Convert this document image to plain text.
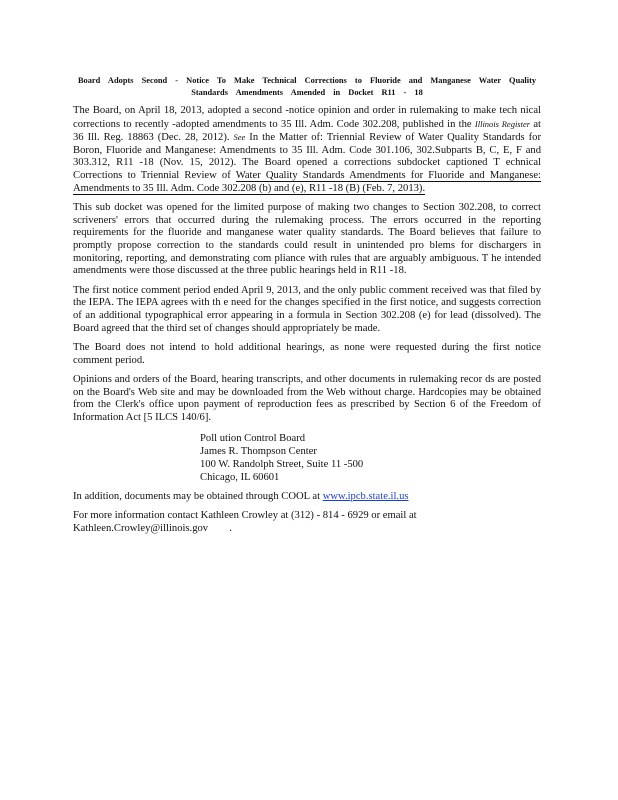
Board Adopts Second - Notice To Make Technical Corrections to Fluoride and Manganese Water Quality Standards Amendments Amended in Docket R11 - 18

The Board, on April 18, 2013, adopted a second -notice opinion and order in rulemaking to make tech nical corrections to recently -adopted amendments to 35 Ill. Adm. Code 302.208, published in the Illinois Register at 36 Ill. Reg. 18863 (Dec. 28, 2012). See In the Matter of: Triennial Review of Water Quality Standards for Boron, Fluoride and Manganese: Amendments to 35 Ill. Adm. Code 301.106, 302.Subparts B, C, E, F and 303.312, R11 -18 (Nov. 15, 2012). The Board opened a corrections subdocket captioned T echnical Corrections to Triennial Review of Water Quality Standards Amendments for Fluoride and Manganese: Amendments to 35 Ill. Adm. Code 302.208 (b) and (e), R11 -18 (B) (Feb. 7, 2013).

This sub docket was opened for the limited purpose of making two changes to Section 302.208, to correct scriveners' errors that occurred during the rulemaking process. The errors occurred in the reporting requirements for the fluoride and manganese water quality standards. The Board believes that failure to promptly propose correction to the standards could result in unintended pro blems for dischargers in monitoring, reporting, and demonstrating com pliance with rules that are arguably ambiguous. T he intended amendments were those discussed at the three public hearings held in R11 -18.

The first notice comment period ended April 9, 2013, and the only public comment received was that filed by the IEPA. The IEPA agrees with th e need for the changes specified in the first notice, and suggests correction of an additional typographical error appearing in a formula in Section 302.208 (e) for lead (dissolved). The Board agreed that the third set of changes should appropriately be made.

The Board does not intend to hold additional hearings, as none were requested during the first notice comment period.

Opinions and orders of the Board, hearing transcripts, and other documents in rulemaking recor ds are posted on the Board's Web site and may be downloaded from the Web without charge. Hardcopies may be obtained from the Clerk's office upon payment of reproduction fees as prescribed by Section 6 of the Freedom of Information Act [5 ILCS 140/6].

Poll ution Control Board
James R. Thompson Center
100 W. Randolph Street, Suite 11 -500
Chicago, IL 60601

In addition, documents may be obtained through COOL at www.ipcb.state.il.us

For more information contact Kathleen Crowley at (312) - 814 - 6929 or email at
Kathleen.Crowley@illinois.gov .
